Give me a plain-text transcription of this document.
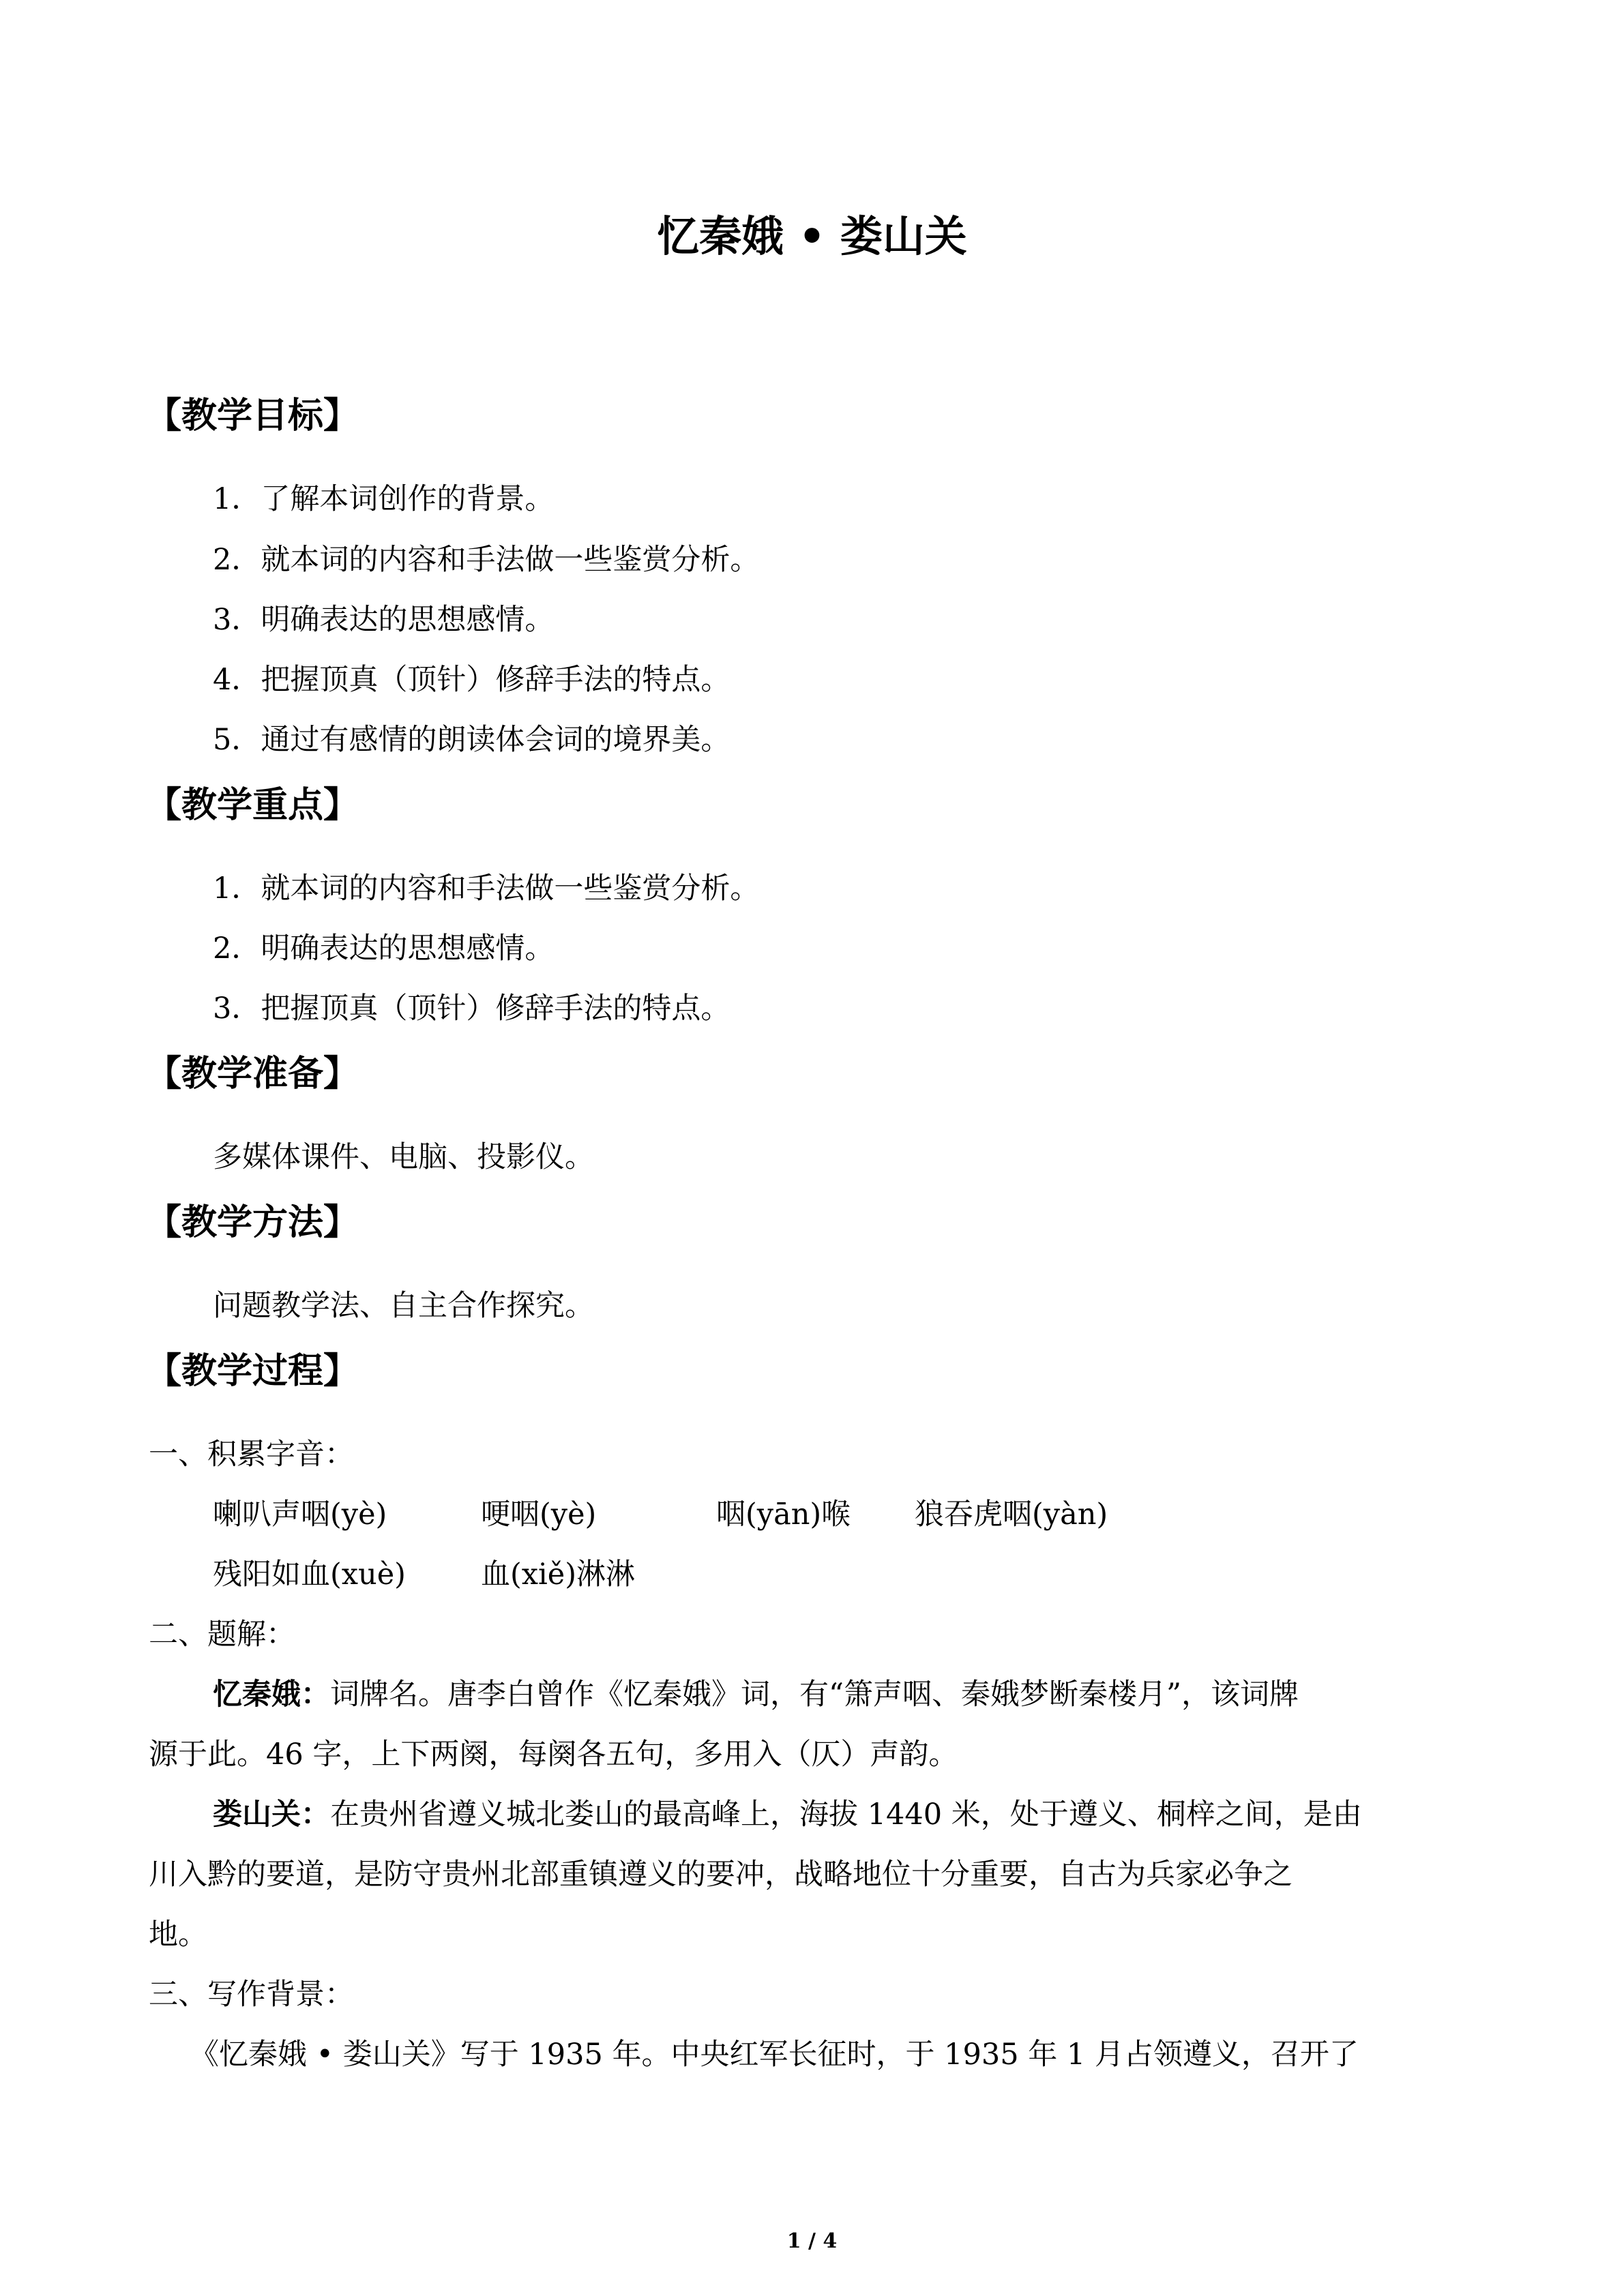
忆秦娥 • 娄山关
【教学目标】
1．了解本词创作的背景。
2．就本词的内容和手法做一些鉴赏分析。
3．明确表达的思想感情。
4．把握顶真（顶针）修辞手法的特点。
5．通过有感情的朗读体会词的境界美。
【教学重点】
1．就本词的内容和手法做一些鉴赏分析。
2．明确表达的思想感情。
3．把握顶真（顶针）修辞手法的特点。
【教学准备】
多媒体课件、电脑、投影仪。
【教学方法】
问题教学法、自主合作探究。
【教学过程】
一、积累字音：
喇叭声咽(yè)	哽咽(yè)	咽(yān)喉 狼吞虎咽(yàn)
残阳如血(xuè)	血(xiě)淋淋
二、题解：
忆秦娥：词牌名。唐李白曾作《忆秦娥》词，有“箫声咽、秦娥梦断秦楼月”，该词牌
源于此。46 字，上下两阕，每阕各五句，多用入（仄）声韵。
娄山关：在贵州省遵义城北娄山的最高峰上，海拔 1440 米，处于遵义、桐梓之间，是由
川入黔的要道，是防守贵州北部重镇遵义的要冲，战略地位十分重要，自古为兵家必争之
地。
三、写作背景：
《忆秦娥 • 娄山关》写于 1935 年。中央红军长征时，于 1935 年 1 月占领遵义，召开了
1 / 4
